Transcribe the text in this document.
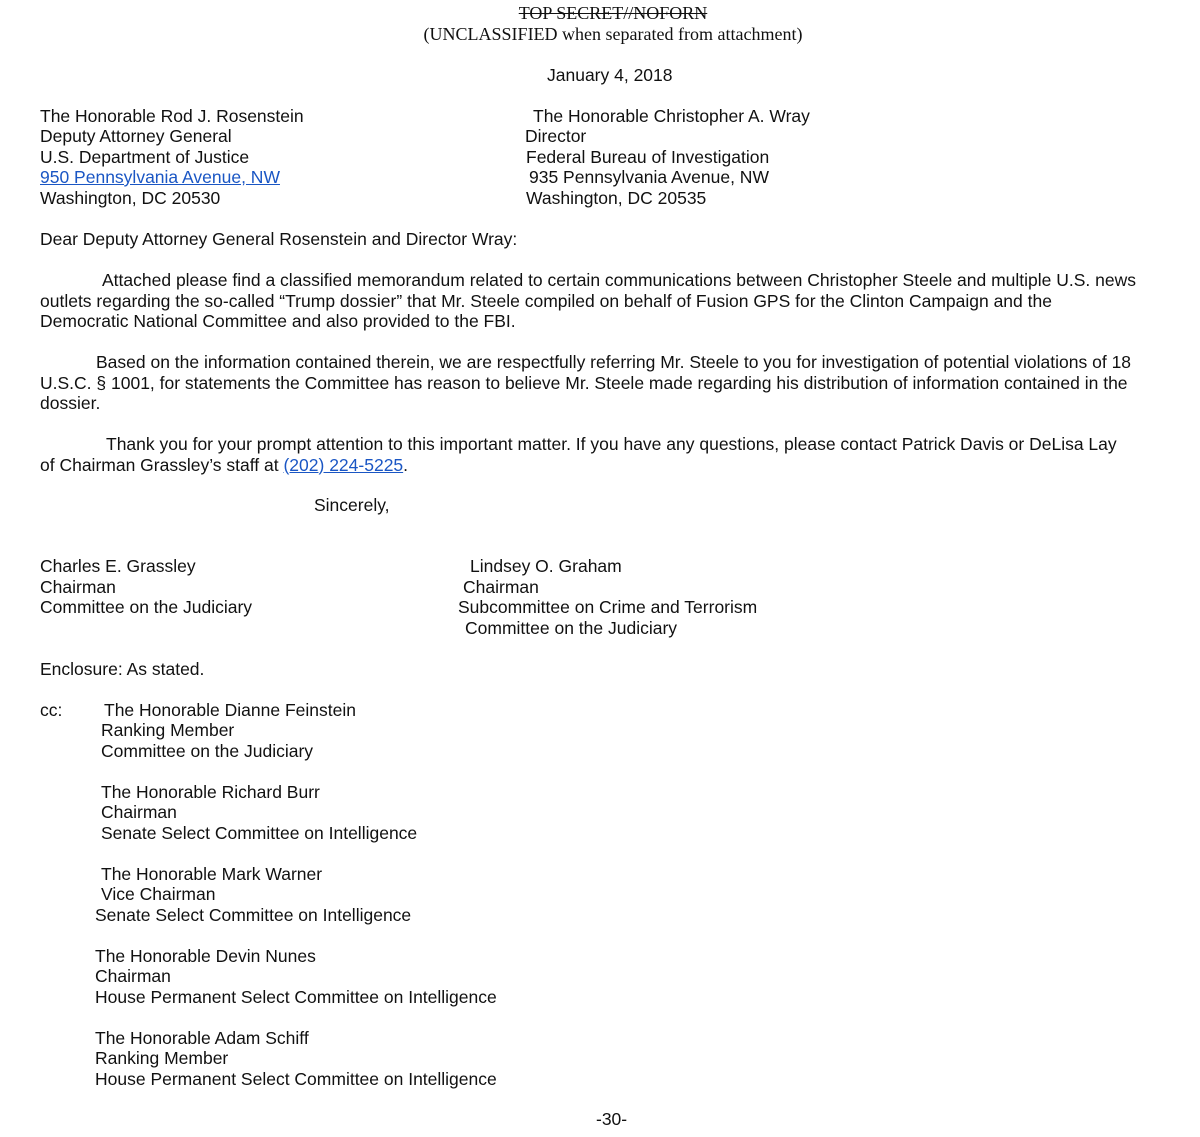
TOP SECRET//NOFORN
(UNCLASSIFIED when separated from attachment)
January 4, 2018
The Honorable Rod J. Rosenstein
Deputy Attorney General
U.S. Department of Justice
950 Pennsylvania Avenue, NW
Washington, DC 20530
The Honorable Christopher A. Wray
Director
Federal Bureau of Investigation
935 Pennsylvania Avenue, NW
Washington, DC 20535
Dear Deputy Attorney General Rosenstein and Director Wray:
Attached please find a classified memorandum related to certain communications between Christopher Steele and multiple U.S. news
outlets regarding the so-called “Trump dossier” that Mr. Steele compiled on behalf of Fusion GPS for the Clinton Campaign and the
Democratic National Committee and also provided to the FBI.
Based on the information contained therein, we are respectfully referring Mr. Steele to you for investigation of potential violations of 18
U.S.C. § 1001, for statements the Committee has reason to believe Mr. Steele made regarding his distribution of information contained in the
dossier.
Thank you for your prompt attention to this important matter. If you have any questions, please contact Patrick Davis or DeLisa Lay
of Chairman Grassley’s staff at (202) 224-5225.
Sincerely,
Charles E. Grassley
Chairman
Committee on the Judiciary
Lindsey O. Graham
Chairman
Subcommittee on Crime and Terrorism
Committee on the Judiciary
Enclosure: As stated.
cc: The Honorable Dianne Feinstein
Ranking Member
Committee on the Judiciary
The Honorable Richard Burr
Chairman
Senate Select Committee on Intelligence
The Honorable Mark Warner
Vice Chairman
Senate Select Committee on Intelligence
The Honorable Devin Nunes
Chairman
House Permanent Select Committee on Intelligence
The Honorable Adam Schiff
Ranking Member
House Permanent Select Committee on Intelligence
-30-
